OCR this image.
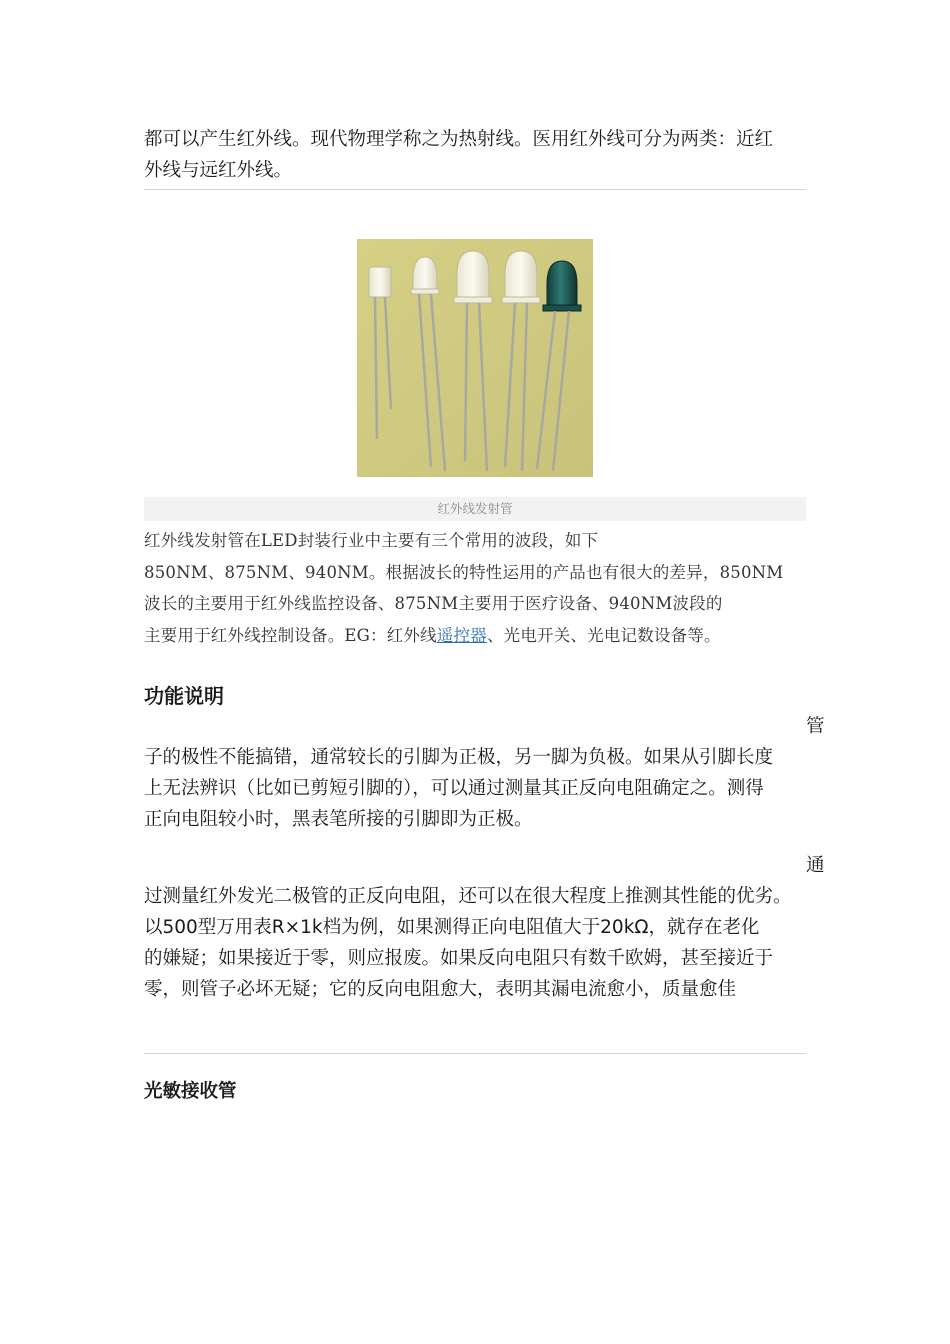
都可以产生红外线。现代物理学称之为热射线。医用红外线可分为两类：近红
外线与远红外线。
红外线发射管
红外线发射管在LED封装行业中主要有三个常用的波段，如下
850NM、875NM、940NM。根据波长的特性运用的产品也有很大的差异，850NM
波长的主要用于红外线监控设备、875NM主要用于医疗设备、940NM波段的
主要用于红外线控制设备。EG：红外线遥控器、光电开关、光电记数设备等。
功能说明
管
子的极性不能搞错，通常较长的引脚为正极，另一脚为负极。如果从引脚长度
上无法辨识（比如已剪短引脚的），可以通过测量其正反向电阻确定之。测得
正向电阻较小时，黑表笔所接的引脚即为正极。
通
过测量红外发光二极管的正反向电阻，还可以在很大程度上推测其性能的优劣。
以500型万用表R×1k档为例，如果测得正向电阻值大于20kΩ，就存在老化
的嫌疑；如果接近于零，则应报废。如果反向电阻只有数千欧姆，甚至接近于
零，则管子必坏无疑；它的反向电阻愈大，表明其漏电流愈小，质量愈佳
光敏接收管
